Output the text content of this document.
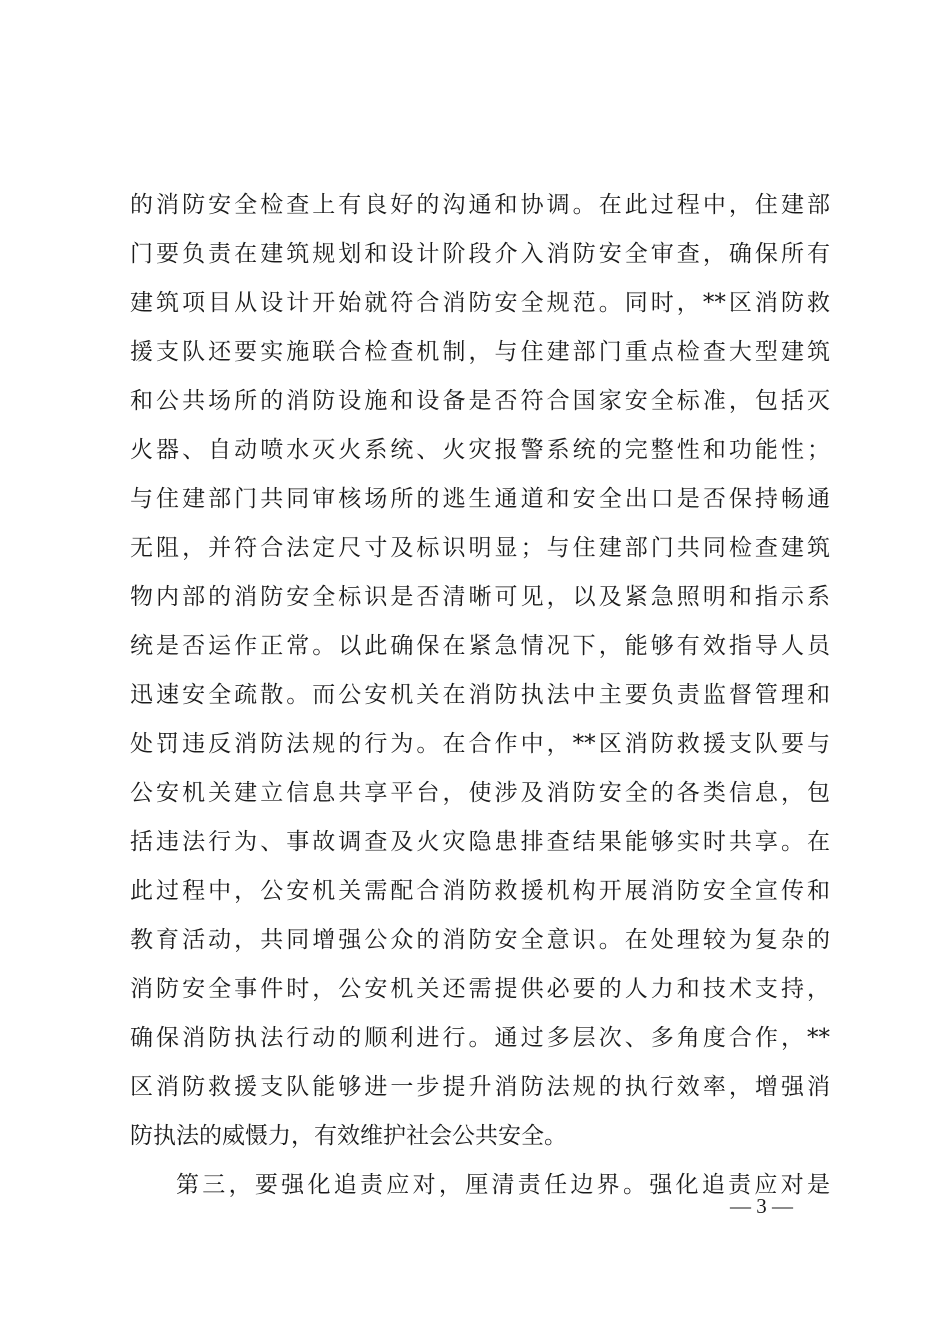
的消防安全检查上有良好的沟通和协调。在此过程中，住建部
门要负责在建筑规划和设计阶段介入消防安全审查，确保所有
建筑项目从设计开始就符合消防安全规范。同时，**区消防救
援支队还要实施联合检查机制，与住建部门重点检查大型建筑
和公共场所的消防设施和设备是否符合国家安全标准，包括灭
火器、自动喷水灭火系统、火灾报警系统的完整性和功能性；
与住建部门共同审核场所的逃生通道和安全出口是否保持畅通
无阻，并符合法定尺寸及标识明显；与住建部门共同检查建筑
物内部的消防安全标识是否清晰可见，以及紧急照明和指示系
统是否运作正常。以此确保在紧急情况下，能够有效指导人员
迅速安全疏散。而公安机关在消防执法中主要负责监督管理和
处罚违反消防法规的行为。在合作中，**区消防救援支队要与
公安机关建立信息共享平台，使涉及消防安全的各类信息，包
括违法行为、事故调查及火灾隐患排查结果能够实时共享。在
此过程中，公安机关需配合消防救援机构开展消防安全宣传和
教育活动，共同增强公众的消防安全意识。在处理较为复杂的
消防安全事件时，公安机关还需提供必要的人力和技术支持，
确保消防执法行动的顺利进行。通过多层次、多角度合作，**
区消防救援支队能够进一步提升消防法规的执行效率，增强消
防执法的威慑力，有效维护社会公共安全。
第三，要强化追责应对，厘清责任边界。强化追责应对是
— 3 —
